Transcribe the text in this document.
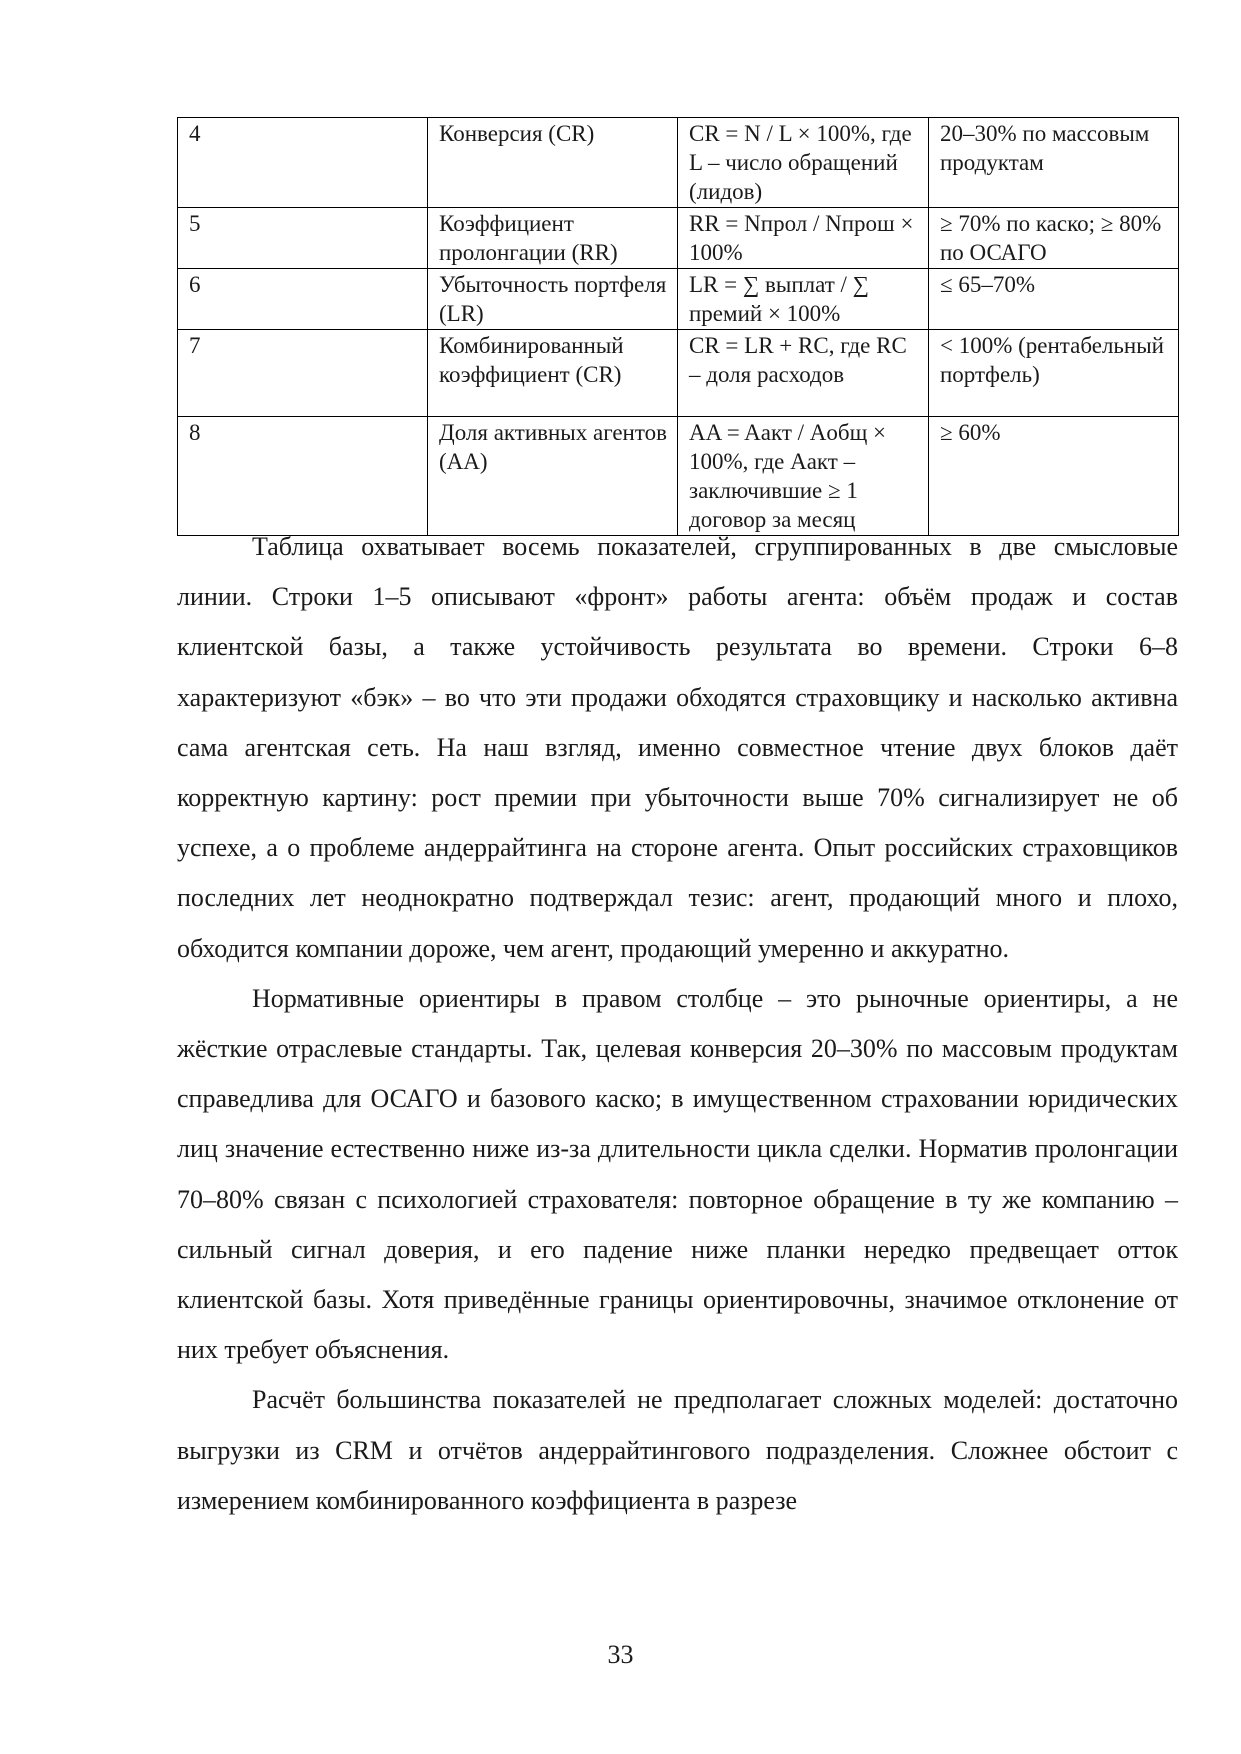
4	Конверсия (CR)	CR = N / L × 100%, где L – число обращений (лидов)	20–30% по массовым продуктам
5	Коэффициент пролонгации (RR)	RR = Nпрол / Nпрош × 100%	≥ 70% по каско; ≥ 80% по ОСАГО
6	Убыточность портфеля (LR)	LR = ∑ выплат / ∑ премий × 100%	≤ 65–70%
7	Комбинированный коэффициент (CR)	CR = LR + RC, где RC – доля расходов	< 100% (рентабельный портфель)
8	Доля активных агентов (AA)	AA = Aакт / Aобщ × 100%, где Aакт – заключившие ≥ 1 договор за месяц	≥ 60%

Таблица охватывает восемь показателей, сгруппированных в две смысловые линии. Строки 1–5 описывают «фронт» работы агента: объём продаж и состав клиентской базы, а также устойчивость результата во времени. Строки 6–8 характеризуют «бэк» – во что эти продажи обходятся страховщику и насколько активна сама агентская сеть. На наш взгляд, именно совместное чтение двух блоков даёт корректную картину: рост премии при убыточности выше 70% сигнализирует не об успехе, а о проблеме андеррайтинга на стороне агента. Опыт российских страховщиков последних лет неоднократно подтверждал тезис: агент, продающий много и плохо, обходится компании дороже, чем агент, продающий умеренно и аккуратно.

Нормативные ориентиры в правом столбце – это рыночные ориентиры, а не жёсткие отраслевые стандарты. Так, целевая конверсия 20–30% по массовым продуктам справедлива для ОСАГО и базового каско; в имущественном страховании юридических лиц значение естественно ниже из-за длительности цикла сделки. Норматив пролонгации 70–80% связан с психологией страхователя: повторное обращение в ту же компанию – сильный сигнал доверия, и его падение ниже планки нередко предвещает отток клиентской базы. Хотя приведённые границы ориентировочны, значимое отклонение от них требует объяснения.

Расчёт большинства показателей не предполагает сложных моделей: достаточно выгрузки из CRM и отчётов андеррайтингового подразделения. Сложнее обстоит с измерением комбинированного коэффициента в разрезе

33
